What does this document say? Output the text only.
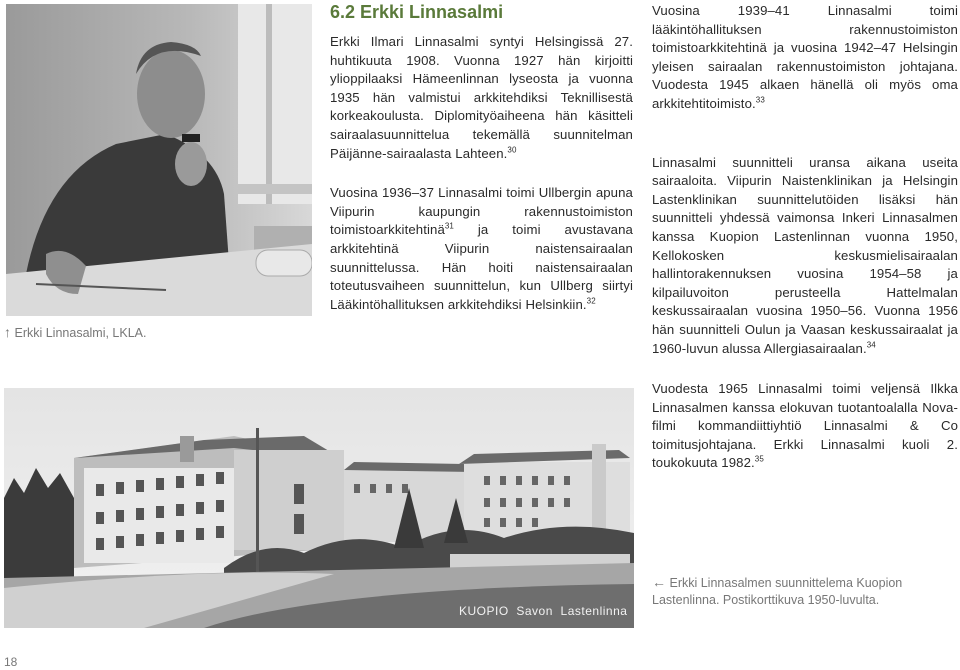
↑ Erkki Linnasalmi, LKLA.
6.2 Erkki Linnasalmi

Erkki Ilmari Linnasalmi syntyi Helsingissä 27. huhtikuuta 1908. Vuonna 1927 hän kirjoitti ylioppilaaksi Hämeenlinnan lyseosta ja vuonna 1935 hän valmistui arkkitehdiksi Teknillisestä korkeakoulusta. Diplomityöaiheena hän käsitteli sairaalasuunnittelua tekemällä suunnitelman Päijänne-sairaalasta Lahteen.$^{30}$

Vuosina 1936–37 Linnasalmi toimi Ullbergin apuna Viipurin kaupungin rakennustoimiston toimistoarkkitehtinä$^{31}$ ja toimi avustavana arkkitehtinä Viipurin naistensairaalan suunnittelussa. Hän hoiti naistensairaalan toteutusvaiheen suunnittelun, kun Ullberg siirtyi Lääkintöhallituksen arkkitehdiksi Helsinkiin.$^{32}$

Vuosina 1939–41 Linnasalmi toimi lääkintöhallituksen rakennustoimiston toimistoarkkitehtinä ja vuosina 1942–47 Helsingin yleisen sairaalan rakennustoimiston johtajana. Vuodesta 1945 alkaen hänellä oli myös oma arkkitehtitoimisto.$^{33}$

Linnasalmi suunnitteli uransa aikana useita sairaaloita. Viipurin Naistenklinikan ja Helsingin Lastenklinikan suunnittelutöiden lisäksi hän suunnitteli yhdessä vaimonsa Inkeri Linnasalmen kanssa Kuopion Lastenlinnan vuonna 1950, Kellokosken keskusmielisairaalan hallintorakennuksen vuosina 1954–58 ja kilpailuvoiton perusteella Hattelmalan keskussairaalan vuosina 1950–56. Vuonna 1956 hän suunnitteli Oulun ja Vaasan keskussairaalat ja 1960-luvun alussa Allergiasairaalan.$^{34}$

KUOPIO  Savon  Lastenlinna
Vuodesta 1965 Linnasalmi toimi veljensä Ilkka Linnasalmen kanssa elokuvan tuotantoalalla Nova-filmi kommandiittiyhtiö Linnasalmi & Co toimitusjohtajana. Erkki Linnasalmi kuoli 2. toukokuuta 1982.35
← Erkki Linnasalmen suunnittelema Kuopion Lastenlinna. Postikorttikuva 1950-luvulta.
18
